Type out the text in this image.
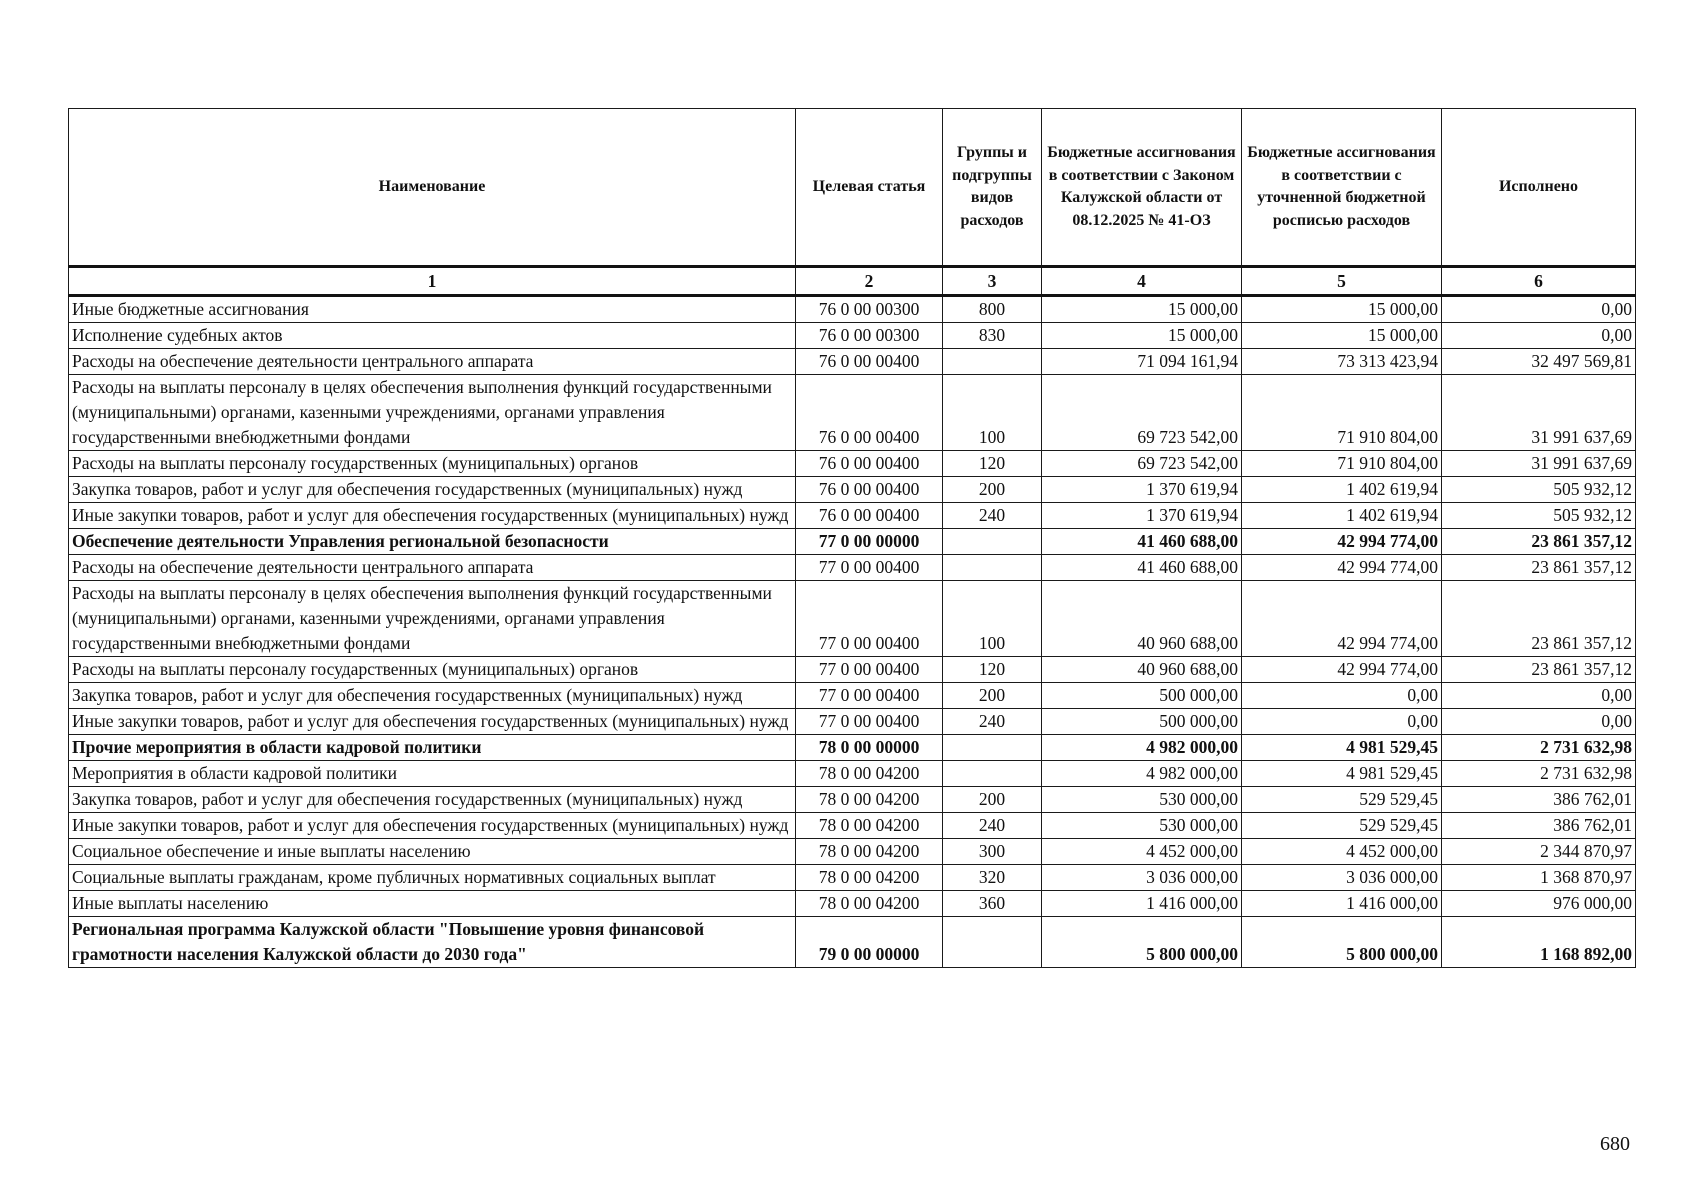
Наименование	Целевая статья	Группы и подгруппы видов расходов	Бюджетные ассигнования в соответствии с Законом Калужской области от 08.12.2025 № 41-ОЗ	Бюджетные ассигнования в соответствии с уточненной бюджетной росписью расходов	Исполнено
1	2	3	4	5	6
Иные бюджетные ассигнования	76 0 00 00300	800	15 000,00	15 000,00	0,00
Исполнение судебных актов	76 0 00 00300	830	15 000,00	15 000,00	0,00
Расходы на обеспечение деятельности центрального аппарата	76 0 00 00400		71 094 161,94	73 313 423,94	32 497 569,81
Расходы на выплаты персоналу в целях обеспечения выполнения функций государственными (муниципальными) органами, казенными учреждениями, органами управления государственными внебюджетными фондами	76 0 00 00400	100	69 723 542,00	71 910 804,00	31 991 637,69
Расходы на выплаты персоналу государственных (муниципальных) органов	76 0 00 00400	120	69 723 542,00	71 910 804,00	31 991 637,69
Закупка товаров, работ и услуг для обеспечения государственных (муниципальных) нужд	76 0 00 00400	200	1 370 619,94	1 402 619,94	505 932,12
Иные закупки товаров, работ и услуг для обеспечения государственных (муниципальных) нужд	76 0 00 00400	240	1 370 619,94	1 402 619,94	505 932,12
Обеспечение деятельности Управления региональной безопасности	77 0 00 00000		41 460 688,00	42 994 774,00	23 861 357,12
Расходы на обеспечение деятельности центрального аппарата	77 0 00 00400		41 460 688,00	42 994 774,00	23 861 357,12
Расходы на выплаты персоналу в целях обеспечения выполнения функций государственными (муниципальными) органами, казенными учреждениями, органами управления государственными внебюджетными фондами	77 0 00 00400	100	40 960 688,00	42 994 774,00	23 861 357,12
Расходы на выплаты персоналу государственных (муниципальных) органов	77 0 00 00400	120	40 960 688,00	42 994 774,00	23 861 357,12
Закупка товаров, работ и услуг для обеспечения государственных (муниципальных) нужд	77 0 00 00400	200	500 000,00	0,00	0,00
Иные закупки товаров, работ и услуг для обеспечения государственных (муниципальных) нужд	77 0 00 00400	240	500 000,00	0,00	0,00
Прочие мероприятия в области кадровой политики	78 0 00 00000		4 982 000,00	4 981 529,45	2 731 632,98
Мероприятия в области кадровой политики	78 0 00 04200		4 982 000,00	4 981 529,45	2 731 632,98
Закупка товаров, работ и услуг для обеспечения государственных (муниципальных) нужд	78 0 00 04200	200	530 000,00	529 529,45	386 762,01
Иные закупки товаров, работ и услуг для обеспечения государственных (муниципальных) нужд	78 0 00 04200	240	530 000,00	529 529,45	386 762,01
Социальное обеспечение и иные выплаты населению	78 0 00 04200	300	4 452 000,00	4 452 000,00	2 344 870,97
Социальные выплаты гражданам, кроме публичных нормативных социальных выплат	78 0 00 04200	320	3 036 000,00	3 036 000,00	1 368 870,97
Иные выплаты населению	78 0 00 04200	360	1 416 000,00	1 416 000,00	976 000,00
Региональная программа Калужской области "Повышение уровня финансовой грамотности населения Калужской области до 2030 года"	79 0 00 00000		5 800 000,00	5 800 000,00	1 168 892,00
680
